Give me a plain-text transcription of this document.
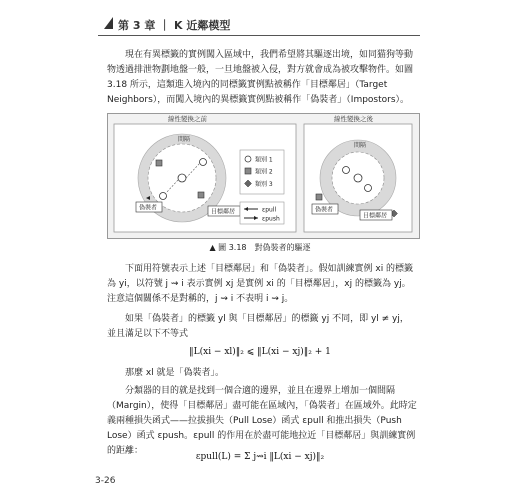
第 3 章 ｜ K 近鄰模型
現在有異標籤的實例闖入區域中，我們希望將其驅逐出境，如同猫狗等動物透過排泄物劃地盤一般，一旦地盤被入侵，對方就會成為被攻擊物件。如圖 3.18 所示，這類進入境內的同標籤實例點被稱作「目標鄰居」（Target Neighbors），而闖入境內的異標籤實例點被稱作「偽裝者」（Impostors）。
線性變換之前
間隔
偽裝者
目標鄰居
類別 1
類別 2
類別 3
εpull
εpush
線性變換之後
間隔
偽裝者
目標鄰居
▲ 圖 3.18　對偽裝者的驅逐
下面用符號表示上述「目標鄰居」和「偽裝者」。假如訓練實例 xi 的標籤為 yi，以符號 j ⇝ i 表示實例 xj 是實例 xi 的「目標鄰居」，xj 的標籤為 yj。注意這個關係不是對稱的，j ⇝ i 不表明 i ⇝ j。
如果「偽裝者」的標籤 yl 與「目標鄰居」的標籤 yj 不同，即 yl ≠ yj，並且滿足以下不等式
‖L(xi − xl)‖₂ ⩽ ‖L(xi − xj)‖₂ + 1
那麼 xl 就是「偽裝者」。
分類器的目的就是找到一個合適的邊界，並且在邊界上增加一個間隔（Margin），使得「目標鄰居」盡可能在區域內，「偽裝者」在區域外。此時定義兩種損失函式——拉拔損失（Pull Lose）函式 εpull 和推出損失（Push Lose）函式 εpush。εpull 的作用在於盡可能地拉近「目標鄰居」與訓練實例的距離：
εpull(L) = Σ j⇝i ‖L(xi − xj)‖₂
3-26
